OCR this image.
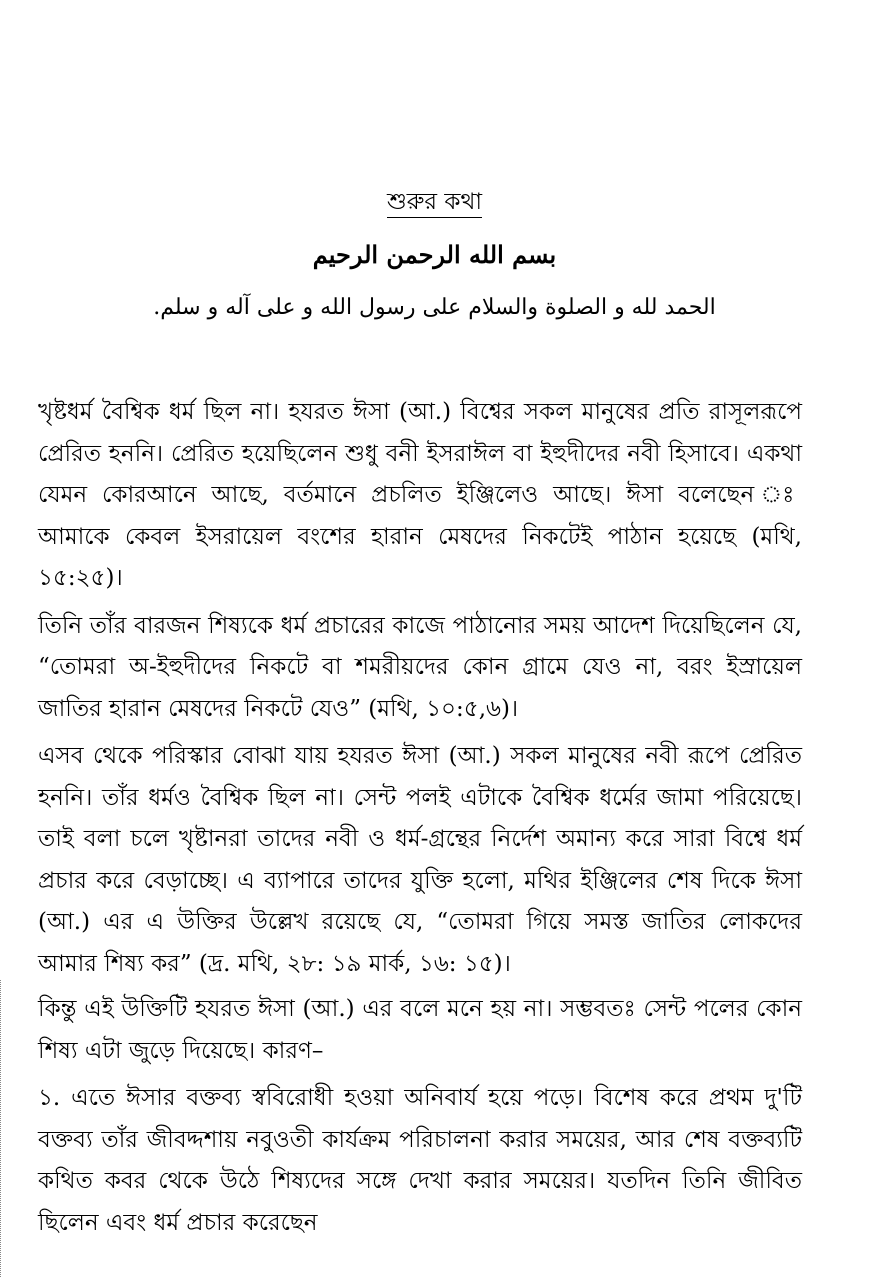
শুরুর কথা
بسم الله الرحمن الرحيم
الحمد لله و الصلوة والسلام على رسول الله و على آله و سلم.

খৃষ্টধর্ম বৈশ্বিক ধর্ম ছিল না। হযরত ঈসা (আ.) বিশ্বের সকল মানুষের প্রতি রাসূলরূপে প্রেরিত হননি। প্রেরিত হয়েছিলেন শুধু বনী ইসরাঈল বা ইহুদীদের নবী হিসাবে। একথা যেমন কোরআনে আছে, বর্তমানে প্রচলিত ইঞ্জিলেও আছে। ঈসা বলেছেন ঃ আমাকে কেবল ইসরায়েল বংশের হারান মেষদের নিকটেই পাঠান হয়েছে (মথি, ১৫:২৫)।

তিনি তাঁর বারজন শিষ্যকে ধর্ম প্রচারের কাজে পাঠানোর সময় আদেশ দিয়েছিলেন যে, “তোমরা অ-ইহুদীদের নিকটে বা শমরীয়দের কোন গ্রামে যেও না, বরং ইস্রায়েল জাতির হারান মেষদের নিকটে যেও” (মথি, ১০:৫,৬)।

এসব থেকে পরিস্কার বোঝা যায় হযরত ঈসা (আ.) সকল মানুষের নবী রূপে প্রেরিত হননি। তাঁর ধর্মও বৈশ্বিক ছিল না। সেন্ট পলই এটাকে বৈশ্বিক ধর্মের জামা পরিয়েছে। তাই বলা চলে খৃষ্টানরা তাদের নবী ও ধর্ম-গ্রন্থের নির্দেশ অমান্য করে সারা বিশ্বে ধর্ম প্রচার করে বেড়াচ্ছে। এ ব্যাপারে তাদের যুক্তি হলো, মথির ইঞ্জিলের শেষ দিকে ঈসা (আ.) এর এ উক্তির উল্লেখ রয়েছে যে, “তোমরা গিয়ে সমস্ত জাতির লোকদের আমার শিষ্য কর” (দ্র. মথি, ২৮: ১৯ মার্ক, ১৬: ১৫)।

কিন্তু এই উক্তিটি হযরত ঈসা (আ.) এর বলে মনে হয় না। সম্ভবতঃ সেন্ট পলের কোন শিষ্য এটা জুড়ে দিয়েছে। কারণ–

১. এতে ঈসার বক্তব্য স্ববিরোধী হওয়া অনিবার্য হয়ে পড়ে। বিশেষ করে প্রথম দু'টি বক্তব্য তাঁর জীবদ্দশায় নবুওতী কার্যক্রম পরিচালনা করার সময়ের, আর শেষ বক্তব্যটি কথিত কবর থেকে উঠে শিষ্যদের সঙ্গে দেখা করার সময়ের। যতদিন তিনি জীবিত ছিলেন এবং ধর্ম প্রচার করেছেন
